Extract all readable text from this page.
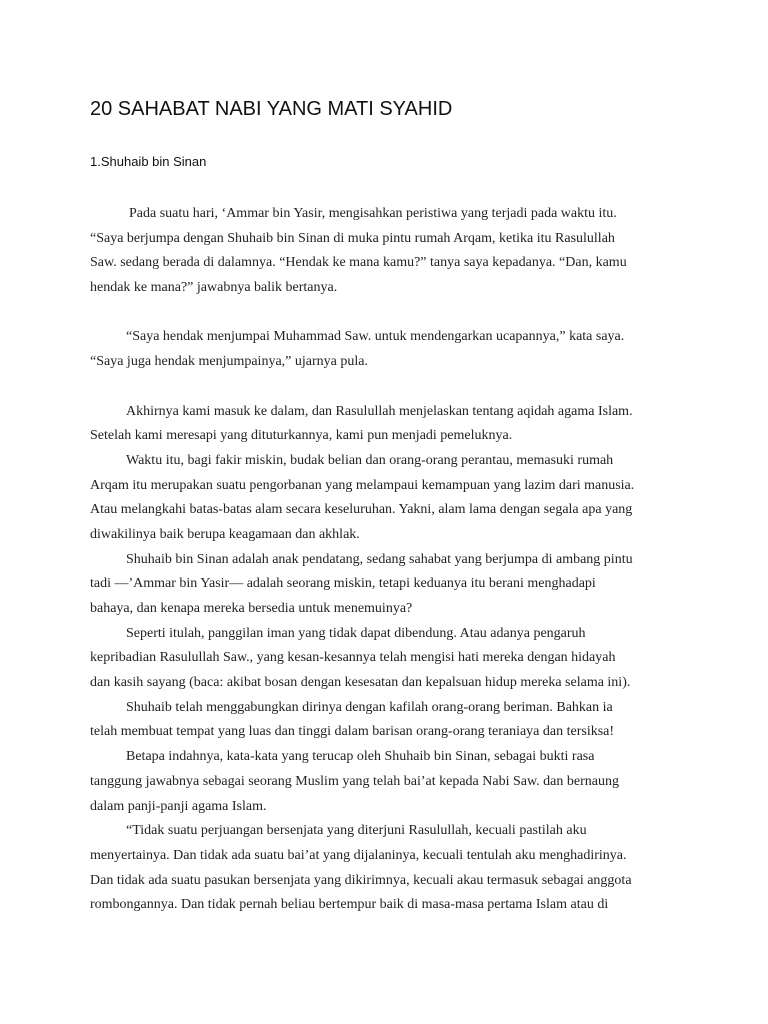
20 SAHABAT NABI YANG MATI SYAHID
1.Shuhaib bin Sinan
Pada suatu hari, ‘Ammar bin Yasir, mengisahkan peristiwa yang terjadi pada waktu itu.
“Saya berjumpa dengan Shuhaib bin Sinan di muka pintu rumah Arqam, ketika itu Rasulullah
Saw. sedang berada di dalamnya. “Hendak ke mana kamu?” tanya saya kepadanya. “Dan, kamu
hendak ke mana?” jawabnya balik bertanya.
“Saya hendak menjumpai Muhammad Saw. untuk mendengarkan ucapannya,” kata saya.
“Saya juga hendak menjumpainya,” ujarnya pula.
Akhirnya kami masuk ke dalam, dan Rasulullah menjelaskan tentang aqidah agama Islam.
Setelah kami meresapi yang dituturkannya, kami pun menjadi pemeluknya.
Waktu itu, bagi fakir miskin, budak belian dan orang-orang perantau, memasuki rumah
Arqam itu merupakan suatu pengorbanan yang melampaui kemampuan yang lazim dari manusia.
Atau melangkahi batas-batas alam secara keseluruhan. Yakni, alam lama dengan segala apa yang
diwakilinya baik berupa keagamaan dan akhlak.
Shuhaib bin Sinan adalah anak pendatang, sedang sahabat yang berjumpa di ambang pintu
tadi —’Ammar bin Yasir— adalah seorang miskin, tetapi keduanya itu berani menghadapi
bahaya, dan kenapa mereka bersedia untuk menemuinya?
Seperti itulah, panggilan iman yang tidak dapat dibendung. Atau adanya pengaruh
kepribadian Rasulullah Saw., yang kesan-kesannya telah mengisi hati mereka dengan hidayah
dan kasih sayang (baca: akibat bosan dengan kesesatan dan kepalsuan hidup mereka selama ini).
Shuhaib telah menggabungkan dirinya dengan kafilah orang-orang beriman. Bahkan ia
telah membuat tempat yang luas dan tinggi dalam barisan orang-orang teraniaya dan tersiksa!
Betapa indahnya, kata-kata yang terucap oleh Shuhaib bin Sinan, sebagai bukti rasa
tanggung jawabnya sebagai seorang Muslim yang telah bai’at kepada Nabi Saw. dan bernaung
dalam panji-panji agama Islam.
“Tidak suatu perjuangan bersenjata yang diterjuni Rasulullah, kecuali pastilah aku
menyertainya. Dan tidak ada suatu bai’at yang dijalaninya, kecuali tentulah aku menghadirinya.
Dan tidak ada suatu pasukan bersenjata yang dikirimnya, kecuali akau termasuk sebagai anggota
rombongannya. Dan tidak pernah beliau bertempur baik di masa-masa pertama Islam atau di
